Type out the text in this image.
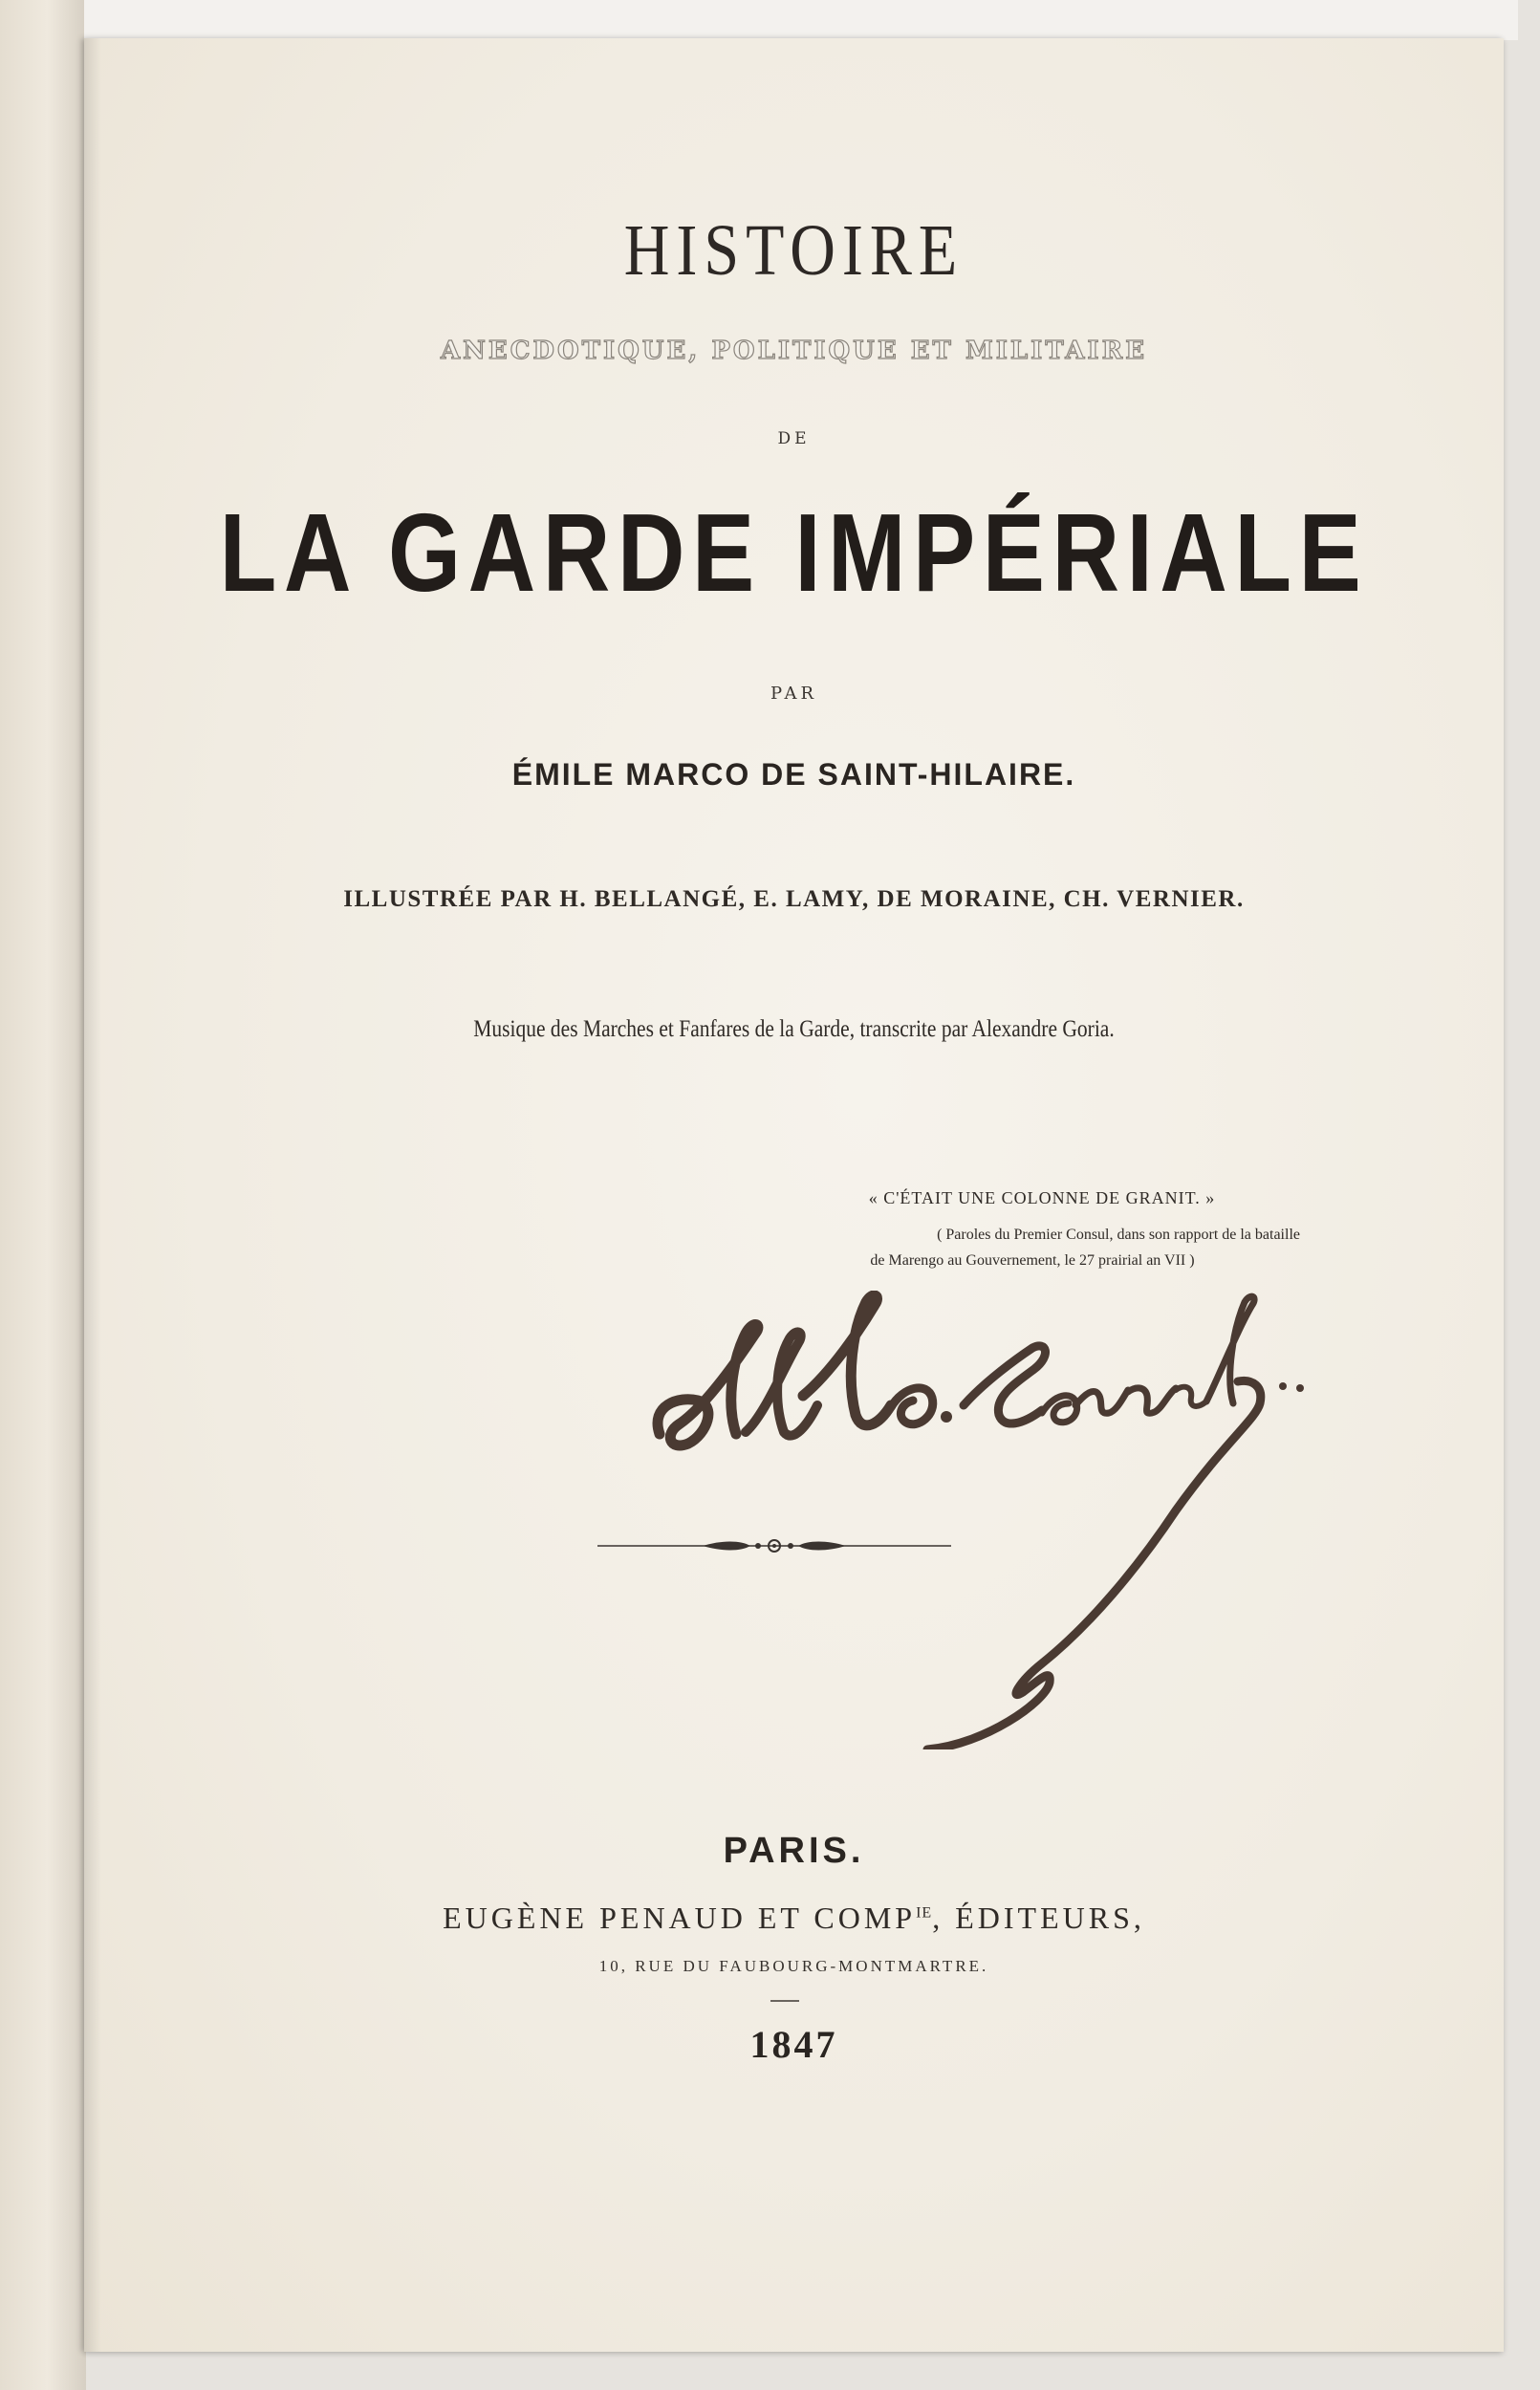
HISTOIRE

ANECDOTIQUE, POLITIQUE ET MILITAIRE

DE

LA GARDE IMPÉRIALE

PAR

ÉMILE MARCO DE SAINT-HILAIRE.

ILLUSTRÉE PAR H. BELLANGÉ, E. LAMY, DE MORAINE, CH. VERNIER.

Musique des Marches et Fanfares de la Garde, transcrite par Alexandre Goria.

« C'ÉTAIT UNE COLONNE DE GRANIT. »

( Paroles du Premier Consul, dans son rapport de la bataille

de Marengo au Gouvernement, le 27 prairial an VII )

PARIS.

EUGÈNE PENAUD ET $COMP^{IE}$, ÉDITEURS,

10, RUE DU FAUBOURG-MONTMARTRE.

1847
